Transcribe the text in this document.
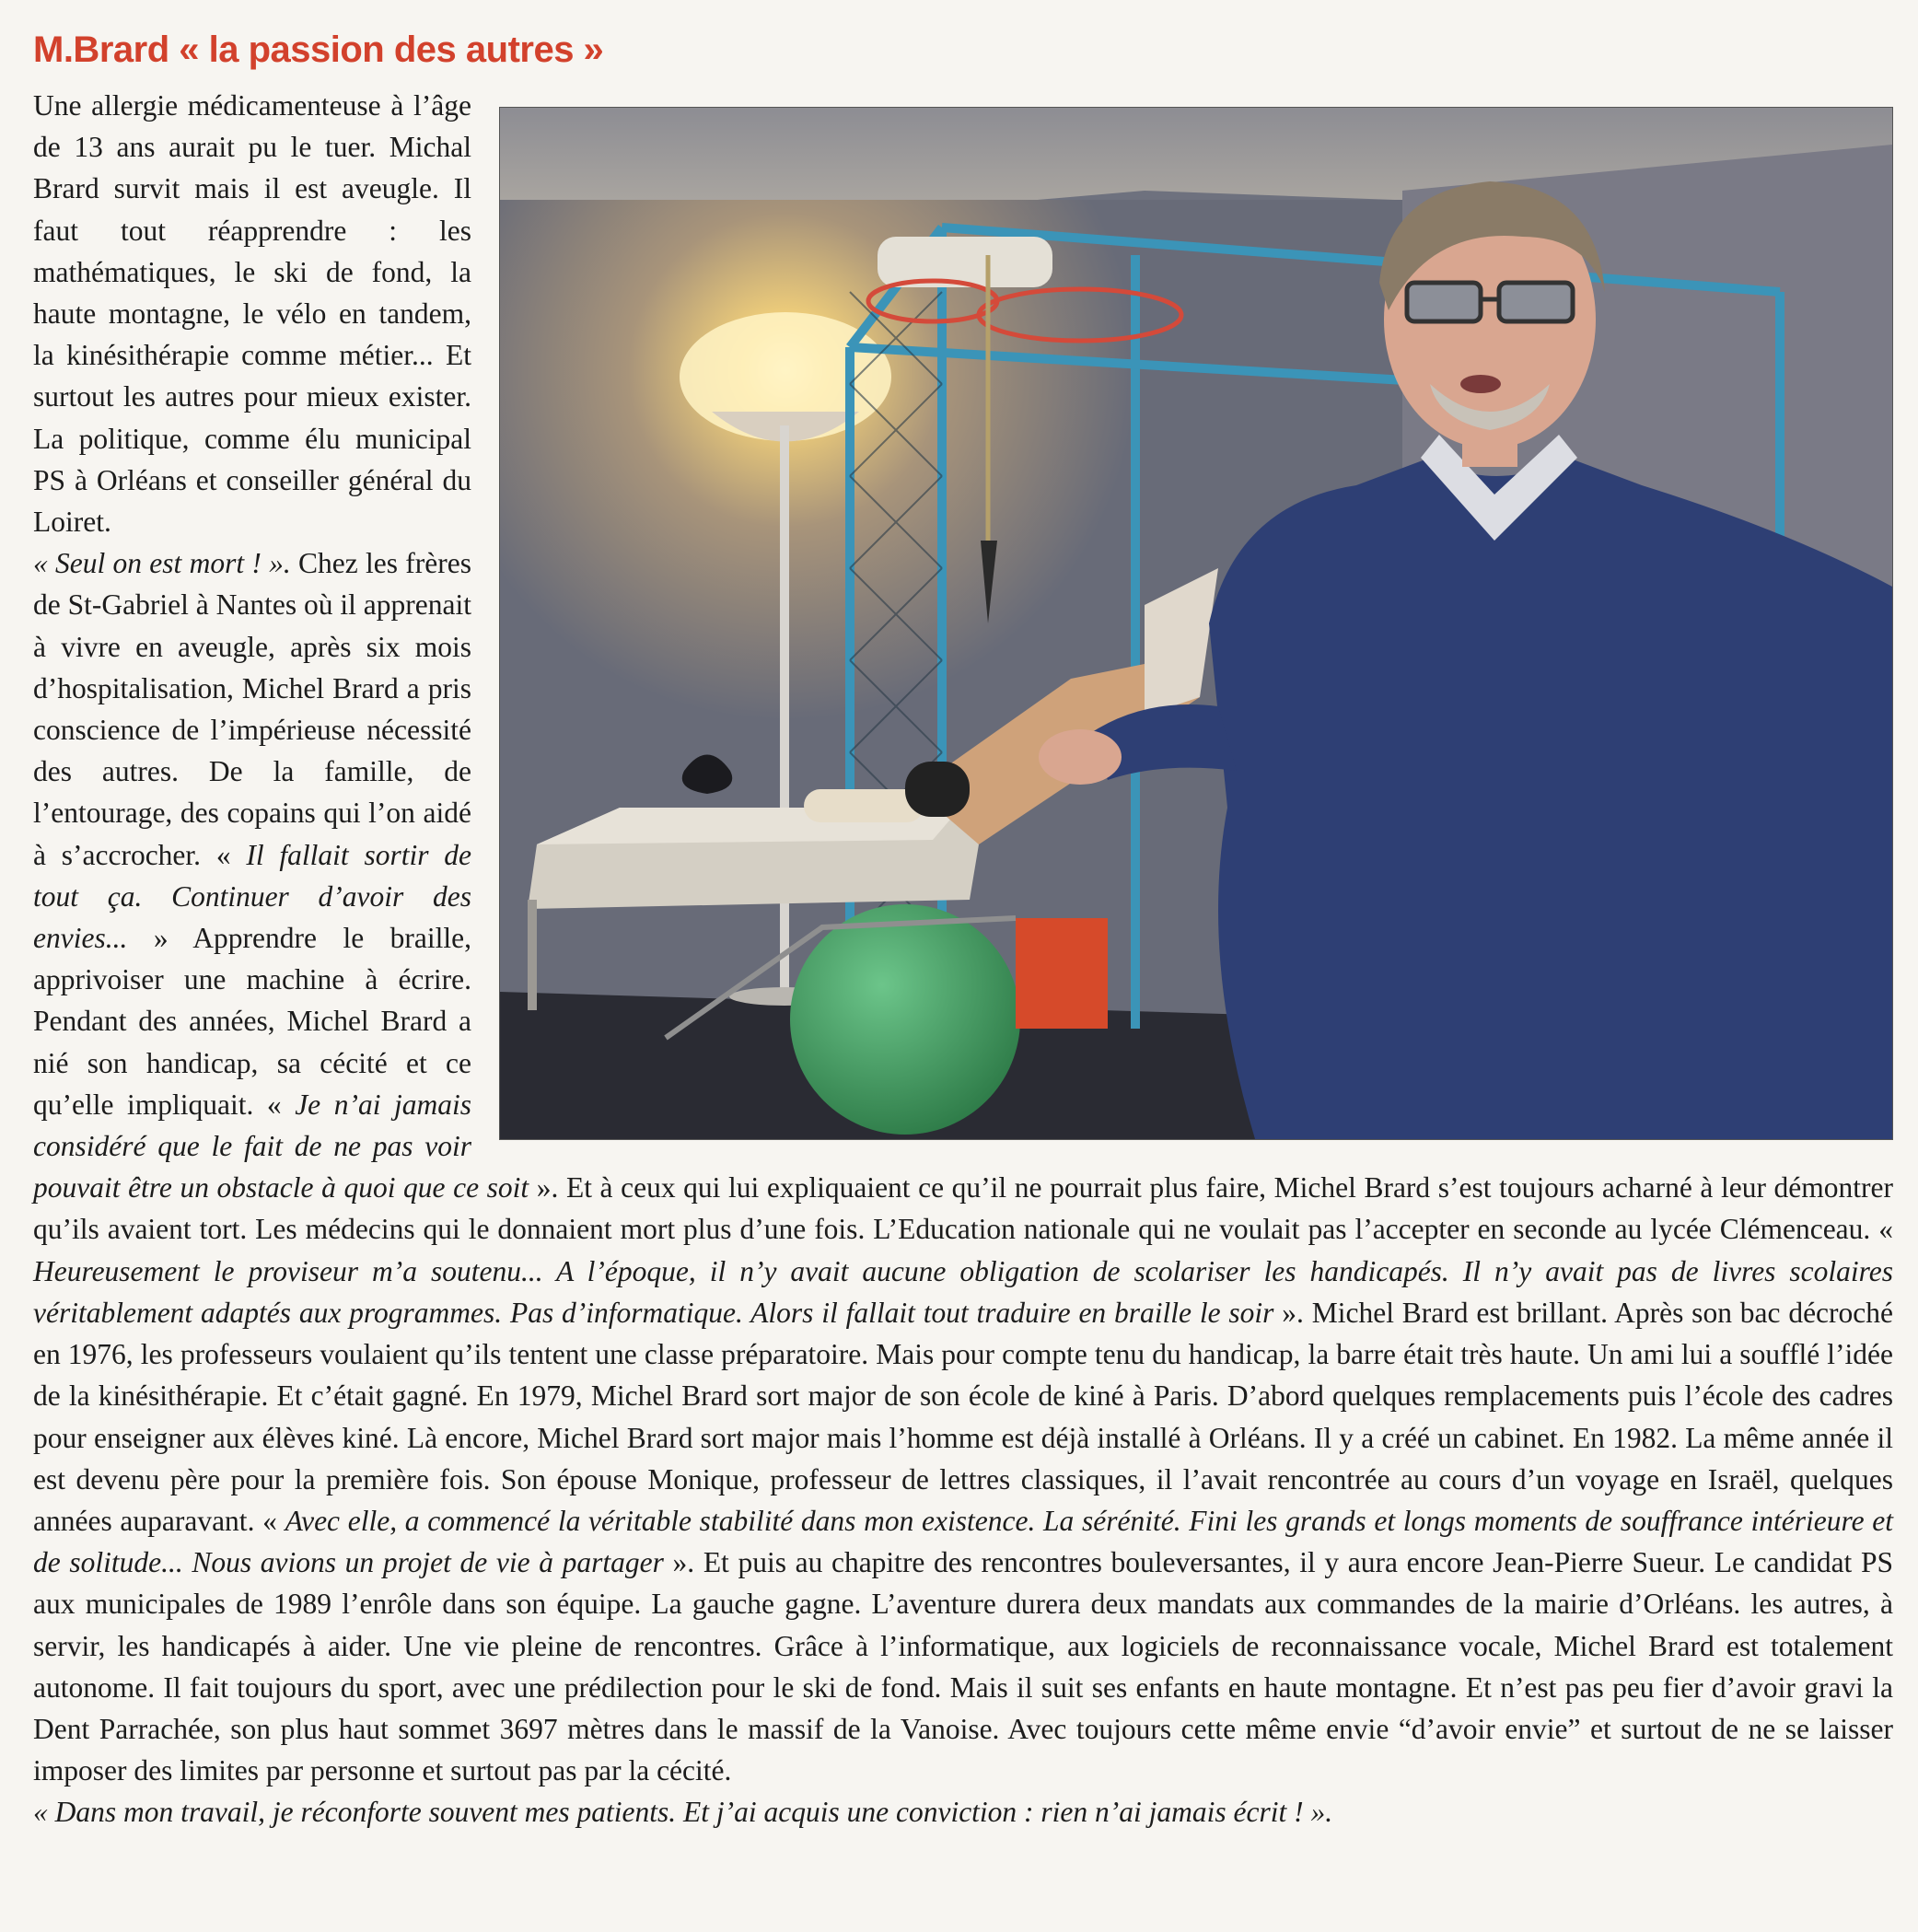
M.Brard « la passion des autres »

Une allergie médicamenteuse à l’âge de 13 ans aurait pu le tuer. Michal Brard survit mais il est aveugle. Il faut tout réapprendre : les mathématiques, le ski de fond, la haute montagne, le vélo en tandem, la kinésithérapie comme métier... Et surtout les autres pour mieux exister. La politique, comme élu municipal PS à Orléans et conseiller général du Loiret.

« Seul on est mort ! ». Chez les frères de St-Gabriel à Nantes où il apprenait à vivre en aveugle, après six mois d’hospitalisation, Michel Brard a pris conscience de l’impérieuse nécessité des autres. De la famille, de l’entourage, des copains qui l’on aidé à s’accrocher. « Il fallait sortir de tout ça. Continuer d’avoir des envies... » Apprendre le braille, apprivoiser une machine à écrire. Pendant des années, Michel Brard a nié son handicap, sa cécité et ce qu’elle impliquait. « Je n’ai jamais considéré que le fait de ne pas voir pouvait être un obstacle à quoi que ce soit ». Et à ceux qui lui expliquaient ce qu’il ne pourrait plus faire, Michel Brard s’est toujours acharné à leur démontrer qu’ils avaient tort. Les médecins qui le donnaient mort plus d’une fois. L’Education nationale qui ne voulait pas l’accepter en seconde au lycée Clémenceau. « Heureusement le proviseur m’a soutenu... A l’époque, il n’y avait aucune obligation de scolariser les handicapés. Il n’y avait pas de livres scolaires véritablement adaptés aux programmes. Pas d’informatique. Alors il fallait tout traduire en braille le soir ». Michel Brard est brillant. Après son bac décroché en 1976, les professeurs voulaient qu’ils tentent une classe préparatoire. Mais pour compte tenu du handicap, la barre était très haute. Un ami lui a soufflé l’idée de la kinésithérapie. Et c’était gagné. En 1979, Michel Brard sort major de son école de kiné à Paris. D’abord quelques remplacements puis l’école des cadres pour enseigner aux élèves kiné. Là encore, Michel Brard sort major mais l’homme est déjà installé à Orléans. Il y a créé un cabinet. En 1982. La même année il est devenu père pour la première fois. Son épouse Monique, professeur de lettres classiques, il l’avait rencontrée au cours d’un voyage en Israël, quelques années auparavant. « Avec elle, a commencé la véritable stabilité dans mon existence. La sérénité. Fini les grands et longs moments de souffrance intérieure et de solitude... Nous avions un projet de vie à partager ». Et puis au chapitre des rencontres bouleversantes, il y aura encore Jean-Pierre Sueur. Le candidat PS aux municipales de 1989 l’enrôle dans son équipe. La gauche gagne. L’aventure durera deux mandats aux commandes de la mairie d’Orléans. les autres, à servir, les handicapés à aider. Une vie pleine de rencontres. Grâce à l’informatique, aux logiciels de reconnaissance vocale, Michel Brard est totalement autonome. Il fait toujours du sport, avec une prédilection pour le ski de fond. Mais il suit ses enfants en haute montagne. Et n’est pas peu fier d’avoir gravi la Dent Parrachée, son plus haut sommet 3697 mètres dans le massif de la Vanoise. Avec toujours cette même envie “d’avoir envie” et surtout de ne se laisser imposer des limites par personne et surtout pas par la cécité.

« Dans mon travail, je réconforte souvent mes patients. Et j’ai acquis une conviction : rien n’ai jamais écrit ! ».
